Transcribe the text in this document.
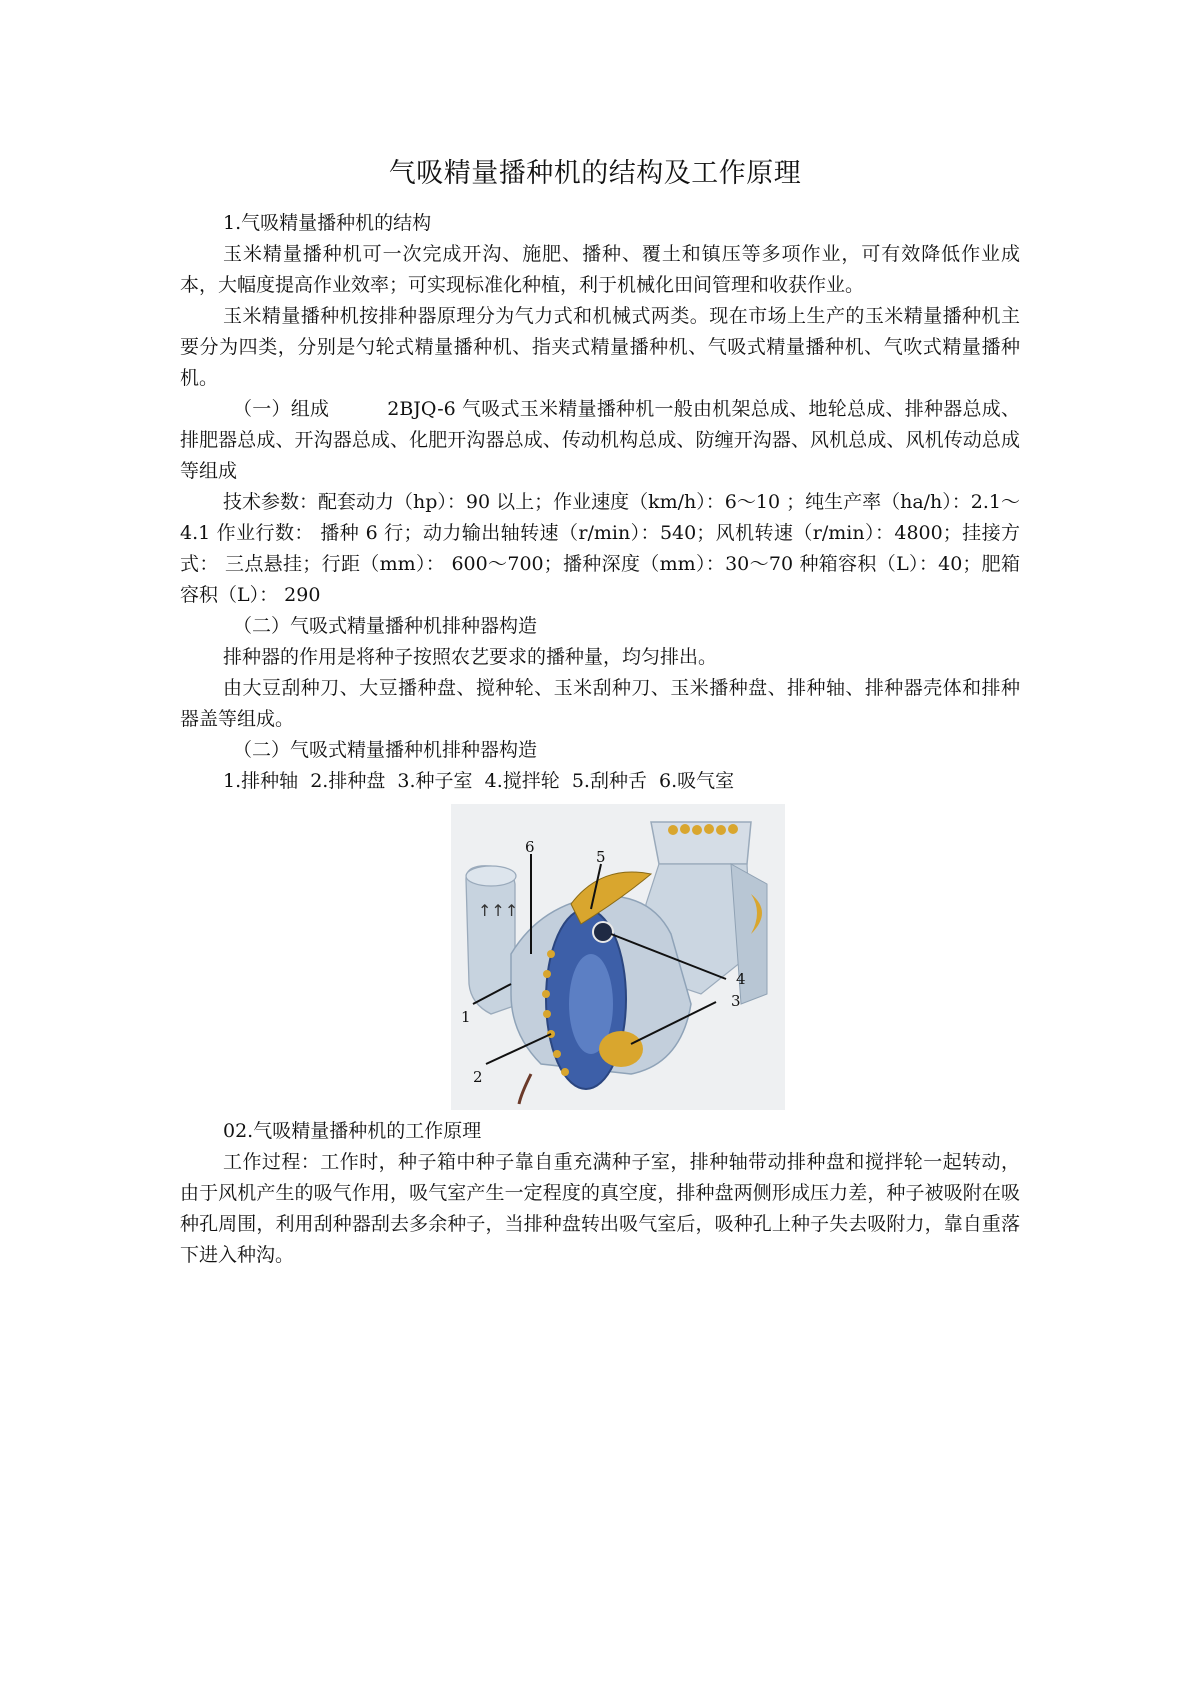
气吸精量播种机的结构及工作原理

1.气吸精量播种机的结构

玉米精量播种机可一次完成开沟、施肥、播种、覆土和镇压等多项作业，可有效降低作业成本，大幅度提高作业效率；可实现标准化种植，利于机械化田间管理和收获作业。

玉米精量播种机按排种器原理分为气力式和机械式两类。现在市场上生产的玉米精量播种机主要分为四类，分别是勺轮式精量播种机、指夹式精量播种机、气吸式精量播种机、气吹式精量播种机。

（一）组成	2BJQ-6 气吸式玉米精量播种机一般由机架总成、地轮总成、排种器总成、排肥器总成、开沟器总成、化肥开沟器总成、传动机构总成、防缠开沟器、风机总成、风机传动总成等组成

技术参数：配套动力（hp）：90 以上；作业速度（km/h）：6～10 ；纯生产率（ha/h）：2.1～4.1 作业行数： 播种 6 行；动力输出轴转速（r/min）：540；风机转速（r/min）：4800；挂接方式： 三点悬挂；行距（mm）： 600～700；播种深度（mm）：30～70 种箱容积（L）：40；肥箱容积（L）： 290

（二）气吸式精量播种机排种器构造

排种器的作用是将种子按照农艺要求的播种量，均匀排出。

由大豆刮种刀、大豆播种盘、搅种轮、玉米刮种刀、玉米播种盘、排种轴、排种器壳体和排种器盖等组成。

（二）气吸式精量播种机排种器构造

1.排种轴  2.排种盘  3.种子室  4.搅拌轮  5.刮种舌  6.吸气室

↑↑↑
6
1
2
3
4
5

02.气吸精量播种机的工作原理

工作过程：工作时，种子箱中种子靠自重充满种子室，排种轴带动排种盘和搅拌轮一起转动，由于风机产生的吸气作用，吸气室产生一定程度的真空度，排种盘两侧形成压力差，种子被吸附在吸种孔周围，利用刮种器刮去多余种子，当排种盘转出吸气室后，吸种孔上种子失去吸附力，靠自重落下进入种沟。
